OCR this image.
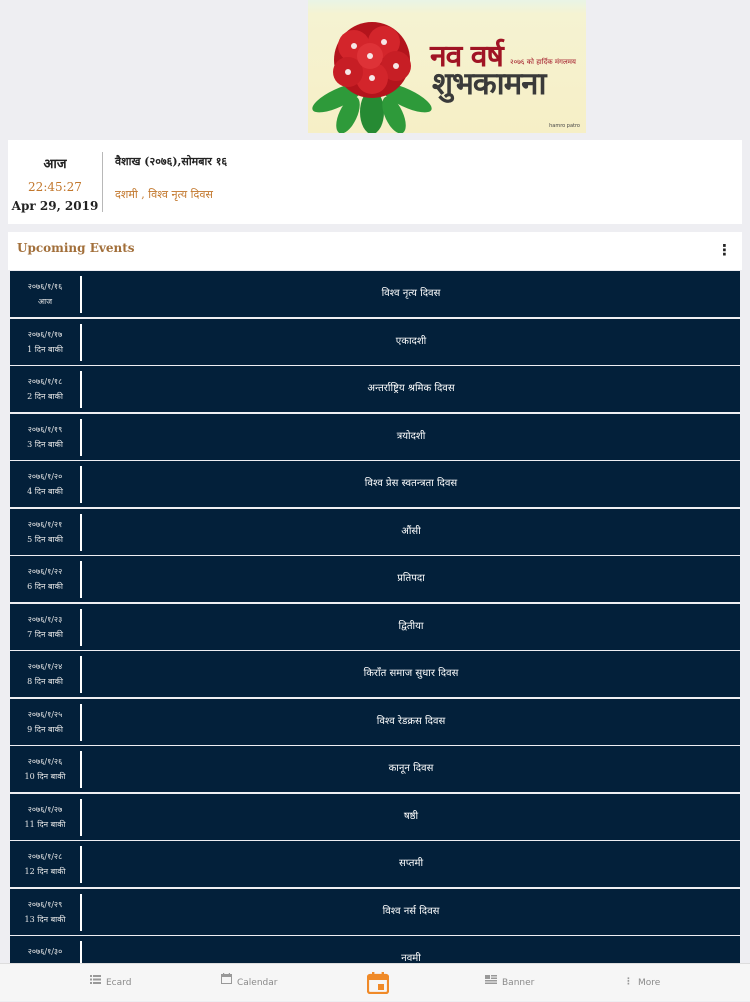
नव वर्ष २०७६ को हार्दिक मंगलमय
शुभकामना
hamro patro
आज
22:45:27
Apr 29, 2019
वैशाख (२०७६),सोमबार १६
दशमी , विश्व नृत्य दिवस
Upcoming Events	⋮
२०७६/१/१६
आज
विश्व नृत्य दिवस
२०७६/१/१७
1 दिन बाकी
एकादशी
२०७६/१/१८
2 दिन बाकी
अन्तर्राष्ट्रिय श्रमिक दिवस
२०७६/१/१९
3 दिन बाकी
त्रयोदशी
२०७६/१/२०
4 दिन बाकी
विश्व प्रेस स्वतन्त्रता दिवस
२०७६/१/२१
5 दिन बाकी
औंसी
२०७६/१/२२
6 दिन बाकी
प्रतिपदा
२०७६/१/२३
7 दिन बाकी
द्वितीया
२०७६/१/२४
8 दिन बाकी
किराँत समाज सुधार दिवस
२०७६/१/२५
9 दिन बाकी
विश्व रेडक्रस दिवस
२०७६/१/२६
10 दिन बाकी
कानून दिवस
२०७६/१/२७
11 दिन बाकी
षष्ठी
२०७६/१/२८
12 दिन बाकी
सप्तमी
२०७६/१/२९
13 दिन बाकी
विश्व नर्स दिवस
२०७६/१/३०
नवमी
Ecard	Calendar	Banner	⋮ More
